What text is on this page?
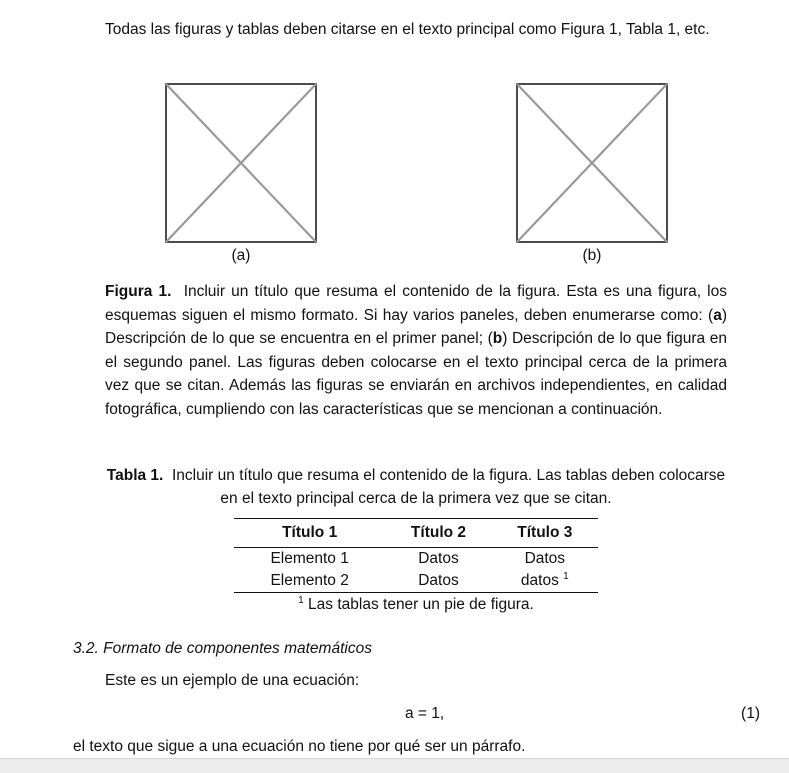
Todas las figuras y tablas deben citarse en el texto principal como Figura 1, Tabla 1, etc.

(a)	(b)

Figura 1. Incluir un título que resuma el contenido de la figura. Esta es una figura, los esquemas siguen el mismo formato. Si hay varios paneles, deben enumerarse como: (a) Descripción de lo que se encuentra en el primer panel; (b) Descripción de lo que figura en el segundo panel. Las figuras deben colocarse en el texto principal cerca de la primera vez que se citan. Además las figuras se enviarán en archivos independientes, en calidad fotográfica, cumpliendo con las características que se mencionan a continuación.

Tabla 1. Incluir un título que resuma el contenido de la figura. Las tablas deben colocarse en el texto principal cerca de la primera vez que se citan.

Título 1	Título 2	Título 3
Elemento 1	Datos	Datos
Elemento 2	Datos	datos $^1$

$^1$ Las tablas tener un pie de figura.

3.2. Formato de componentes matemáticos

Este es un ejemplo de una ecuación:

a = 1,	(1)

el texto que sigue a una ecuación no tiene por qué ser un párrafo.
